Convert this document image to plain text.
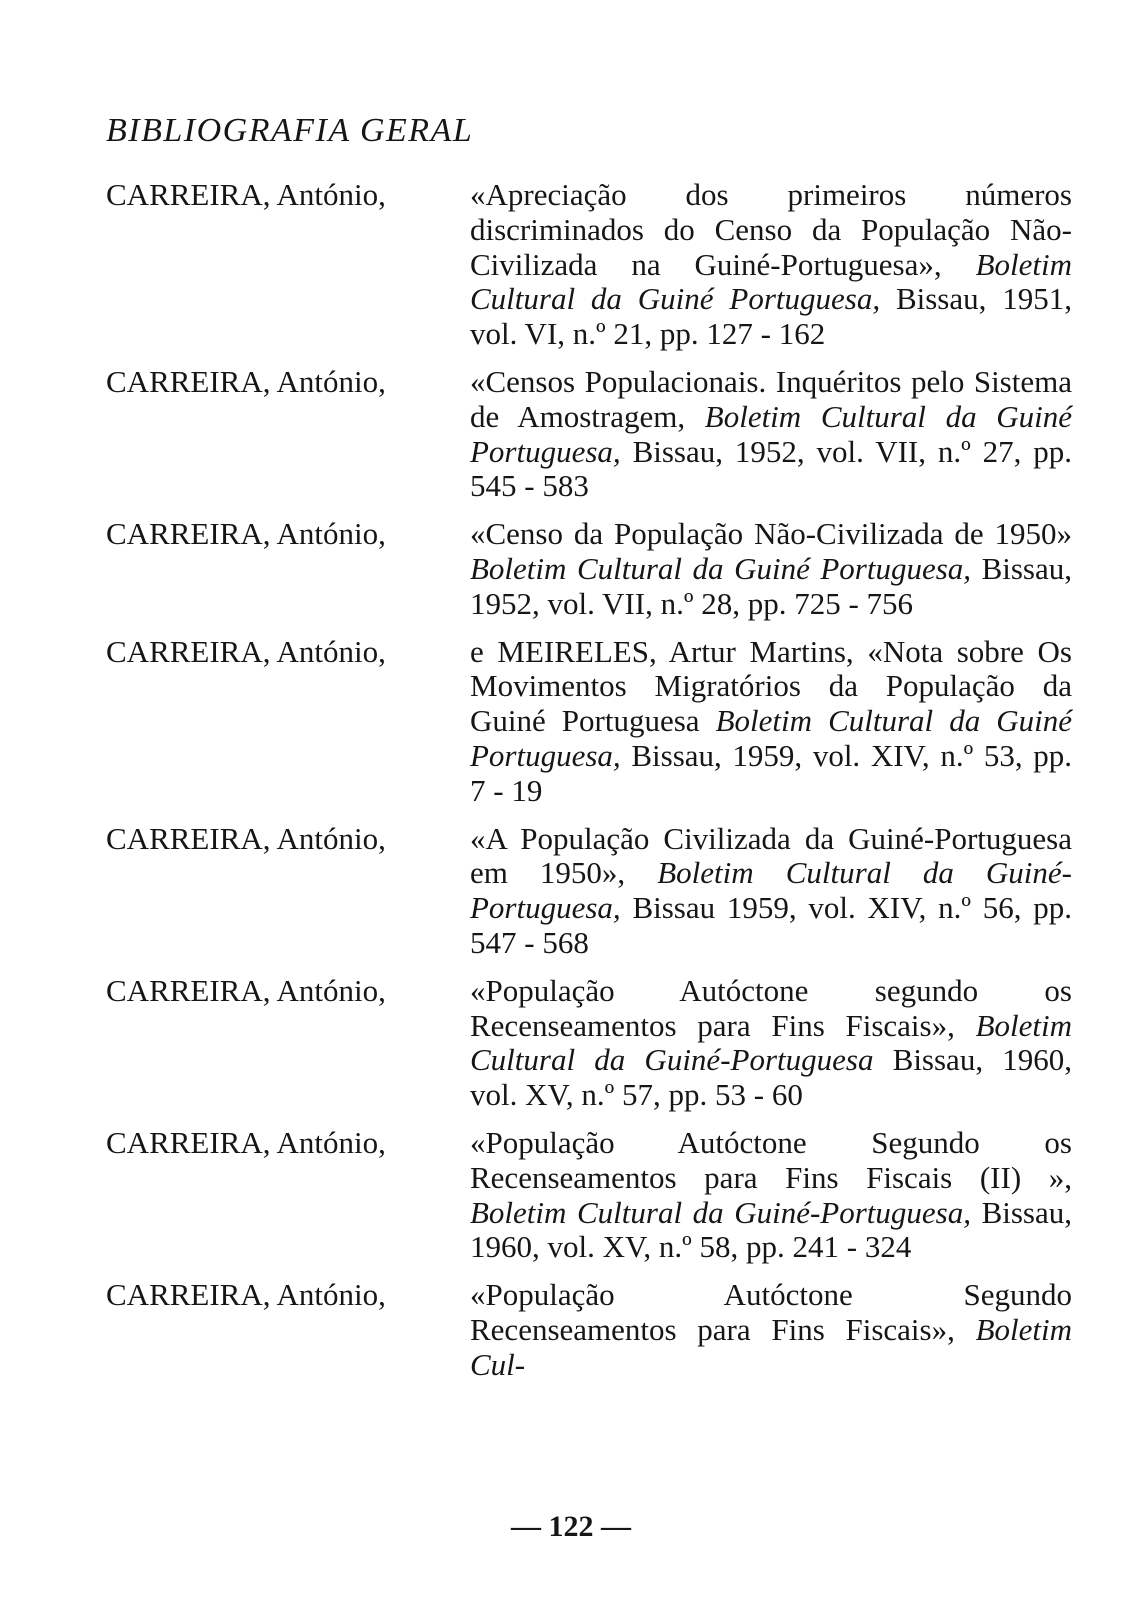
BIBLIOGRAFIA GERAL
CARREIRA, António,	«Apreciação dos primeiros números discriminados do Censo da População Não-Civilizada na Guiné-Portuguesa», Boletim Cultural da Guiné Portuguesa, Bissau, 1951, vol. VI, n.º 21, pp. 127 - 162
CARREIRA, António,	«Censos Populacionais. Inquéritos pelo Sistema de Amostragem, Boletim Cultural da Guiné Portuguesa, Bissau, 1952, vol. VII, n.º 27, pp. 545 - 583
CARREIRA, António,	«Censo da População Não-Civilizada de 1950» Boletim Cultural da Guiné Portuguesa, Bissau, 1952, vol. VII, n.º 28, pp. 725 - 756
CARREIRA, António,	e MEIRELES, Artur Martins, «Nota sobre Os Movimentos Migratórios da População da Guiné Portuguesa Boletim Cultural da Guiné Portuguesa, Bissau, 1959, vol. XIV, n.º 53, pp. 7 - 19
CARREIRA, António,	«A População Civilizada da Guiné-Portuguesa em 1950», Boletim Cultural da Guiné-Portuguesa, Bissau 1959, vol. XIV, n.º 56, pp. 547 - 568
CARREIRA, António,	«População Autóctone segundo os Recenseamentos para Fins Fiscais», Boletim Cultural da Guiné-Portuguesa Bissau, 1960, vol. XV, n.º 57, pp. 53 - 60
CARREIRA, António,	«População Autóctone Segundo os Recenseamentos para Fins Fiscais (II) », Boletim Cultural da Guiné-Portuguesa, Bissau, 1960, vol. XV, n.º 58, pp. 241 - 324
CARREIRA, António,	«População Autóctone Segundo Recenseamentos para Fins Fiscais», Boletim Cul-
— 122 —
